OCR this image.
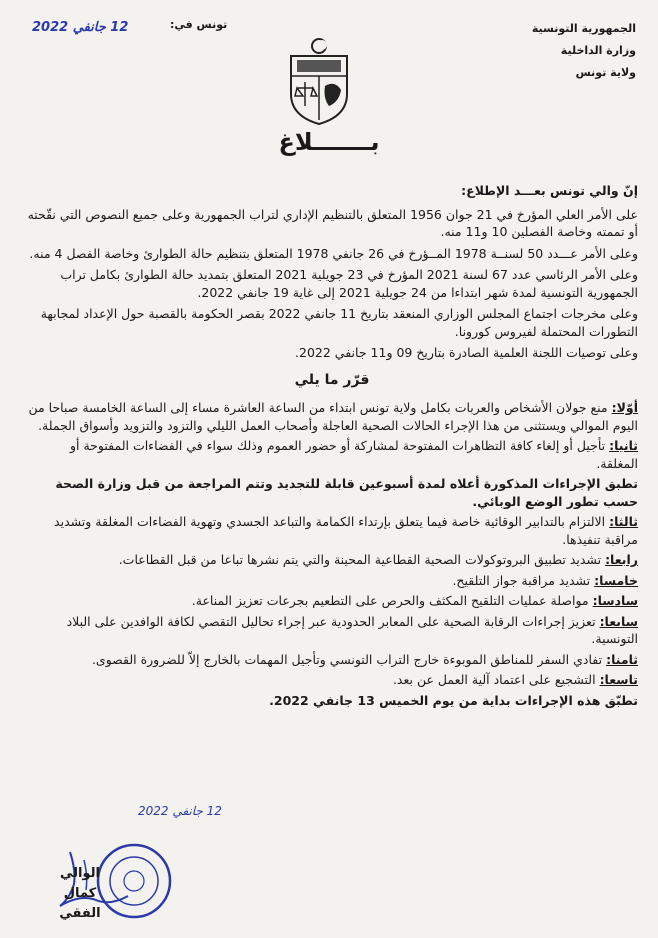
الجمهورية التونسية
وزارة الداخلية
ولاية تونس
تونس في:
12 جانفي 2022
بـــــــلاغ

إنّ والي تونس بعـــد الإطلاع:

على الأمر العلي المؤرخ في 21 جوان 1956 المتعلق بالتنظيم الإداري لتراب الجمهورية وعلى جميع النصوص التي نقّحته أو تممته وخاصة الفصلين 10 و11 منه.

وعلى الأمر عـــدد 50 لسنــة 1978 المــؤرخ في 26 جانفي 1978 المتعلق بتنظيم حالة الطوارئ وخاصة الفصل 4 منه.

وعلى الأمر الرئاسي عدد 67 لسنة 2021 المؤرخ في 23 جويلية 2021 المتعلق بتمديد حالة الطوارئ بكامل تراب الجمهورية التونسية لمدة شهر ابتداءا من 24 جويلية 2021 إلى غاية 19 جانفي 2022.

وعلى مخرجات اجتماع المجلس الوزاري المنعقد بتاريخ 11 جانفي 2022 بقصر الحكومة بالقصبة حول الإعداد لمجابهة التطورات المحتملة لفيروس كورونا.

وعلى توصيات اللجنة العلمية الصادرة بتاريخ 09 و11 جانفي 2022.

قرّر ما يلي

أوّلا: منع جولان الأشخاص والعربات بكامل ولاية تونس ابتداء من الساعة العاشرة مساء إلى الساعة الخامسة صباحا من اليوم الموالي ويستثنى من هذا الإجراء الحالات الصحية العاجلة وأصحاب العمل الليلي والتزود والتزويد وأسواق الجملة.

ثانيا: تأجيل أو إلغاء كافة التظاهرات المفتوحة لمشاركة أو حضور العموم وذلك سواء في الفضاءات المفتوحة أو المغلقة.

تطبق الإجراءات المذكورة أعلاه لمدة أسبوعين قابلة للتجديد وتتم المراجعة من قبل وزارة الصحة حسب تطور الوضع الوبائي.

ثالثا: الالتزام بالتدابير الوقائية خاصة فيما يتعلق بإرتداء الكمامة والتباعد الجسدي وتهوية الفضاءات المغلقة وتشديد مراقبة تنفيذها.

رابعا: تشديد تطبيق البروتوكولات الصحية القطاعية المحينة والتي يتم نشرها تباعا من قبل القطاعات.

خامسا: تشديد مراقبة جواز التلقيح.

سادسا: مواصلة عمليات التلقيح المكثف والحرص على التطعيم بجرعات تعزيز المناعة.

سابعا: تعزيز إجراءات الرقابة الصحية على المعابر الحدودية عبر إجراء تحاليل التقصي لكافة الوافدين على البلاد التونسية.

ثامنا: تفادي السفر للمناطق الموبوءة خارج التراب التونسي وتأجيل المهمات بالخارج إلاّ للضرورة القصوى.

تاسعا: التشجيع على اعتماد آلية العمل عن بعد.

تطبّق هذه الإجراءات بداية من يوم الخميس 13 جانفي 2022.

12 جانفي 2022
الوالي
كمال الفقي
